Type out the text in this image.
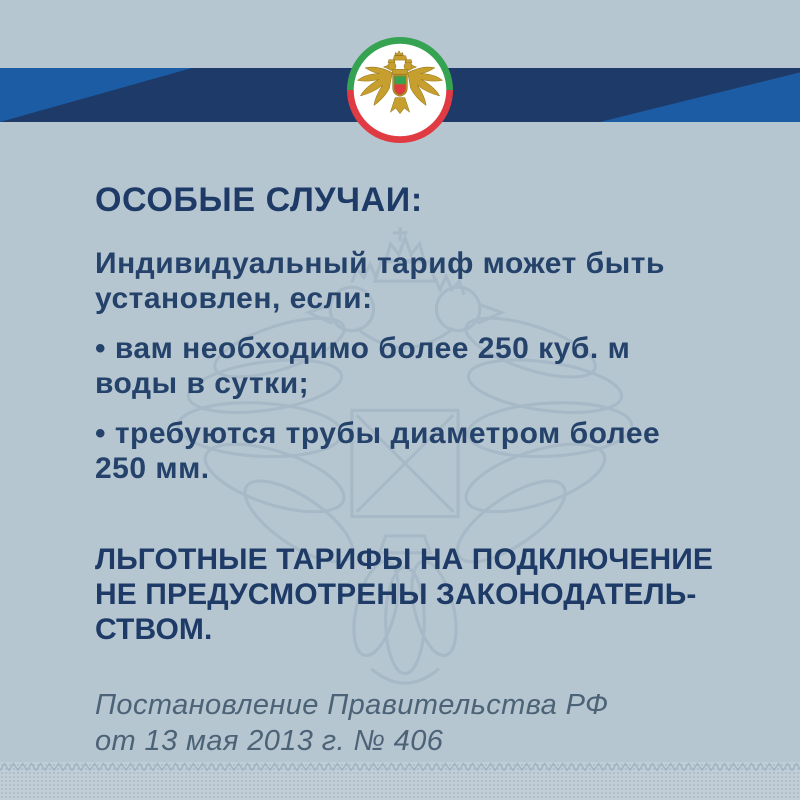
ОСОБЫЕ СЛУЧАИ:

Индивидуальный тариф может быть
установлен, если:

• вам необходимо более 250 куб. м
воды в сутки;

• требуются трубы диаметром более
250 мм.

ЛЬГОТНЫЕ ТАРИФЫ НА ПОДКЛЮЧЕНИЕ
НЕ ПРЕДУСМОТРЕНЫ ЗАКОНОДАТЕЛЬ-
СТВОМ.

Постановление Правительства РФ
от 13 мая 2013 г. № 406
